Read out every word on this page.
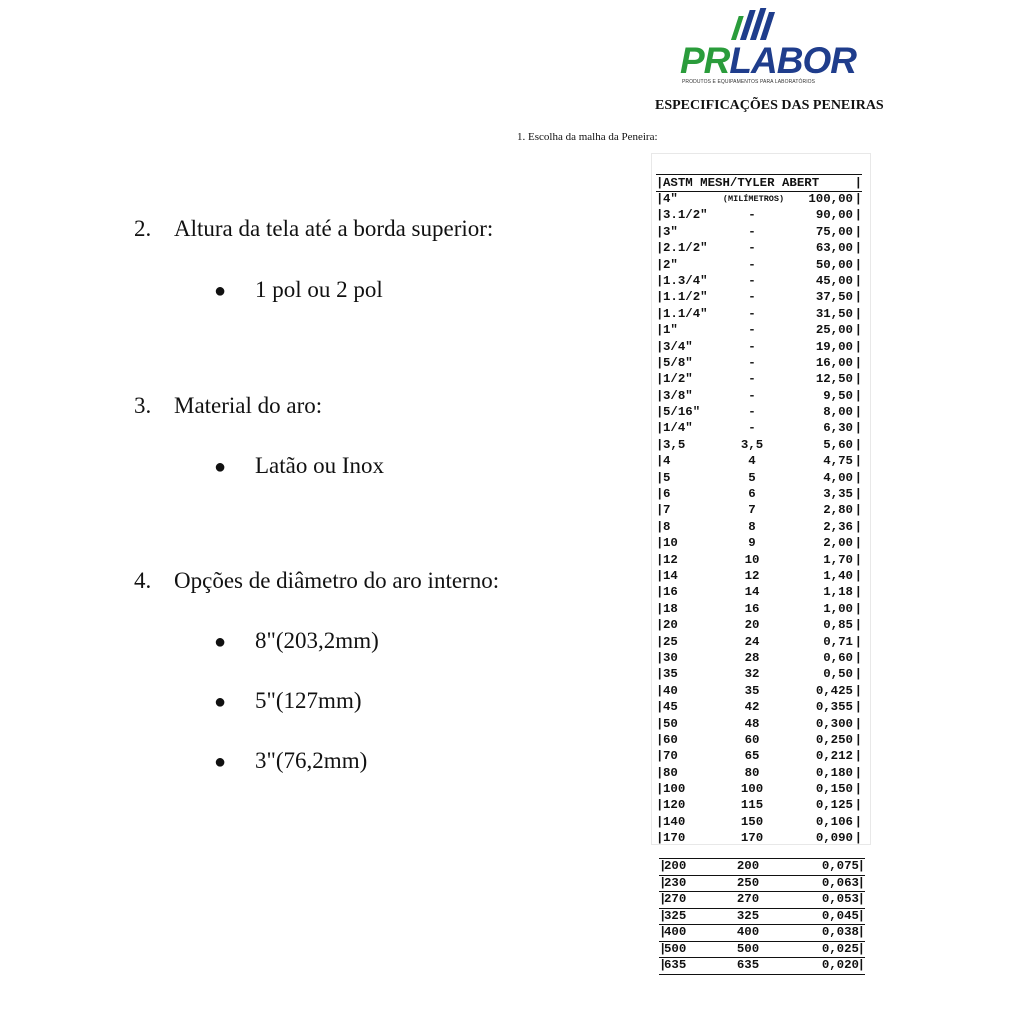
PRLABOR
PRODUTOS E EQUIPAMENTOS PARA LABORATÓRIOS
ESPECIFICAÇÕES DAS PENEIRAS
1. Escolha da malha da Peneira:
2. Altura da tela até a borda superior:
● 1 pol ou 2 pol
3. Material do aro:
● Latão ou Inox
4. Opções de diâmetro do aro interno:
● 8"(203,2mm)
● 5"(127mm)
● 3"(76,2mm)
| ASTM MESH/TYLER ABERT
|
| 4"	(MILÍMETROS)	100,00
|
| 3.1/2"	-	90,00
|
| 3"	-	75,00
|
| 2.1/2"	-	63,00
|
| 2"	-	50,00
|
| 1.3/4"	-	45,00
|
| 1.1/2"	-	37,50
|
| 1.1/4"	-	31,50
|
| 1"	-	25,00
|
| 3/4"	-	19,00
|
| 5/8"	-	16,00
|
| 1/2"	-	12,50
|
| 3/8"	-	9,50
|
| 5/16"	-	8,00
|
| 1/4"	-	6,30
|
| 3,5	3,5	5,60
|
| 4	4	4,75
|
| 5	5	4,00
|
| 6	6	3,35
|
| 7	7	2,80
|
| 8	8	2,36
|
| 10	9	2,00
|
| 12	10	1,70
|
| 14	12	1,40
|
| 16	14	1,18
|
| 18	16	1,00
|
| 20	20	0,85
|
| 25	24	0,71
|
| 30	28	0,60
|
| 35	32	0,50
|
| 40	35	0,425
|
| 45	42	0,355
|
| 50	48	0,300
|
| 60	60	0,250
|
| 70	65	0,212
|
| 80	80	0,180
|
| 100	100	0,150
|
| 120	115	0,125
|
| 140	150	0,106
|
| 170	170	0,090
|
| 200	200	0,075
|
| 230	250	0,063
|
| 270	270	0,053
|
| 325	325	0,045
|
| 400	400	0,038
|
| 500	500	0,025
|
| 635	635	0,020
|
